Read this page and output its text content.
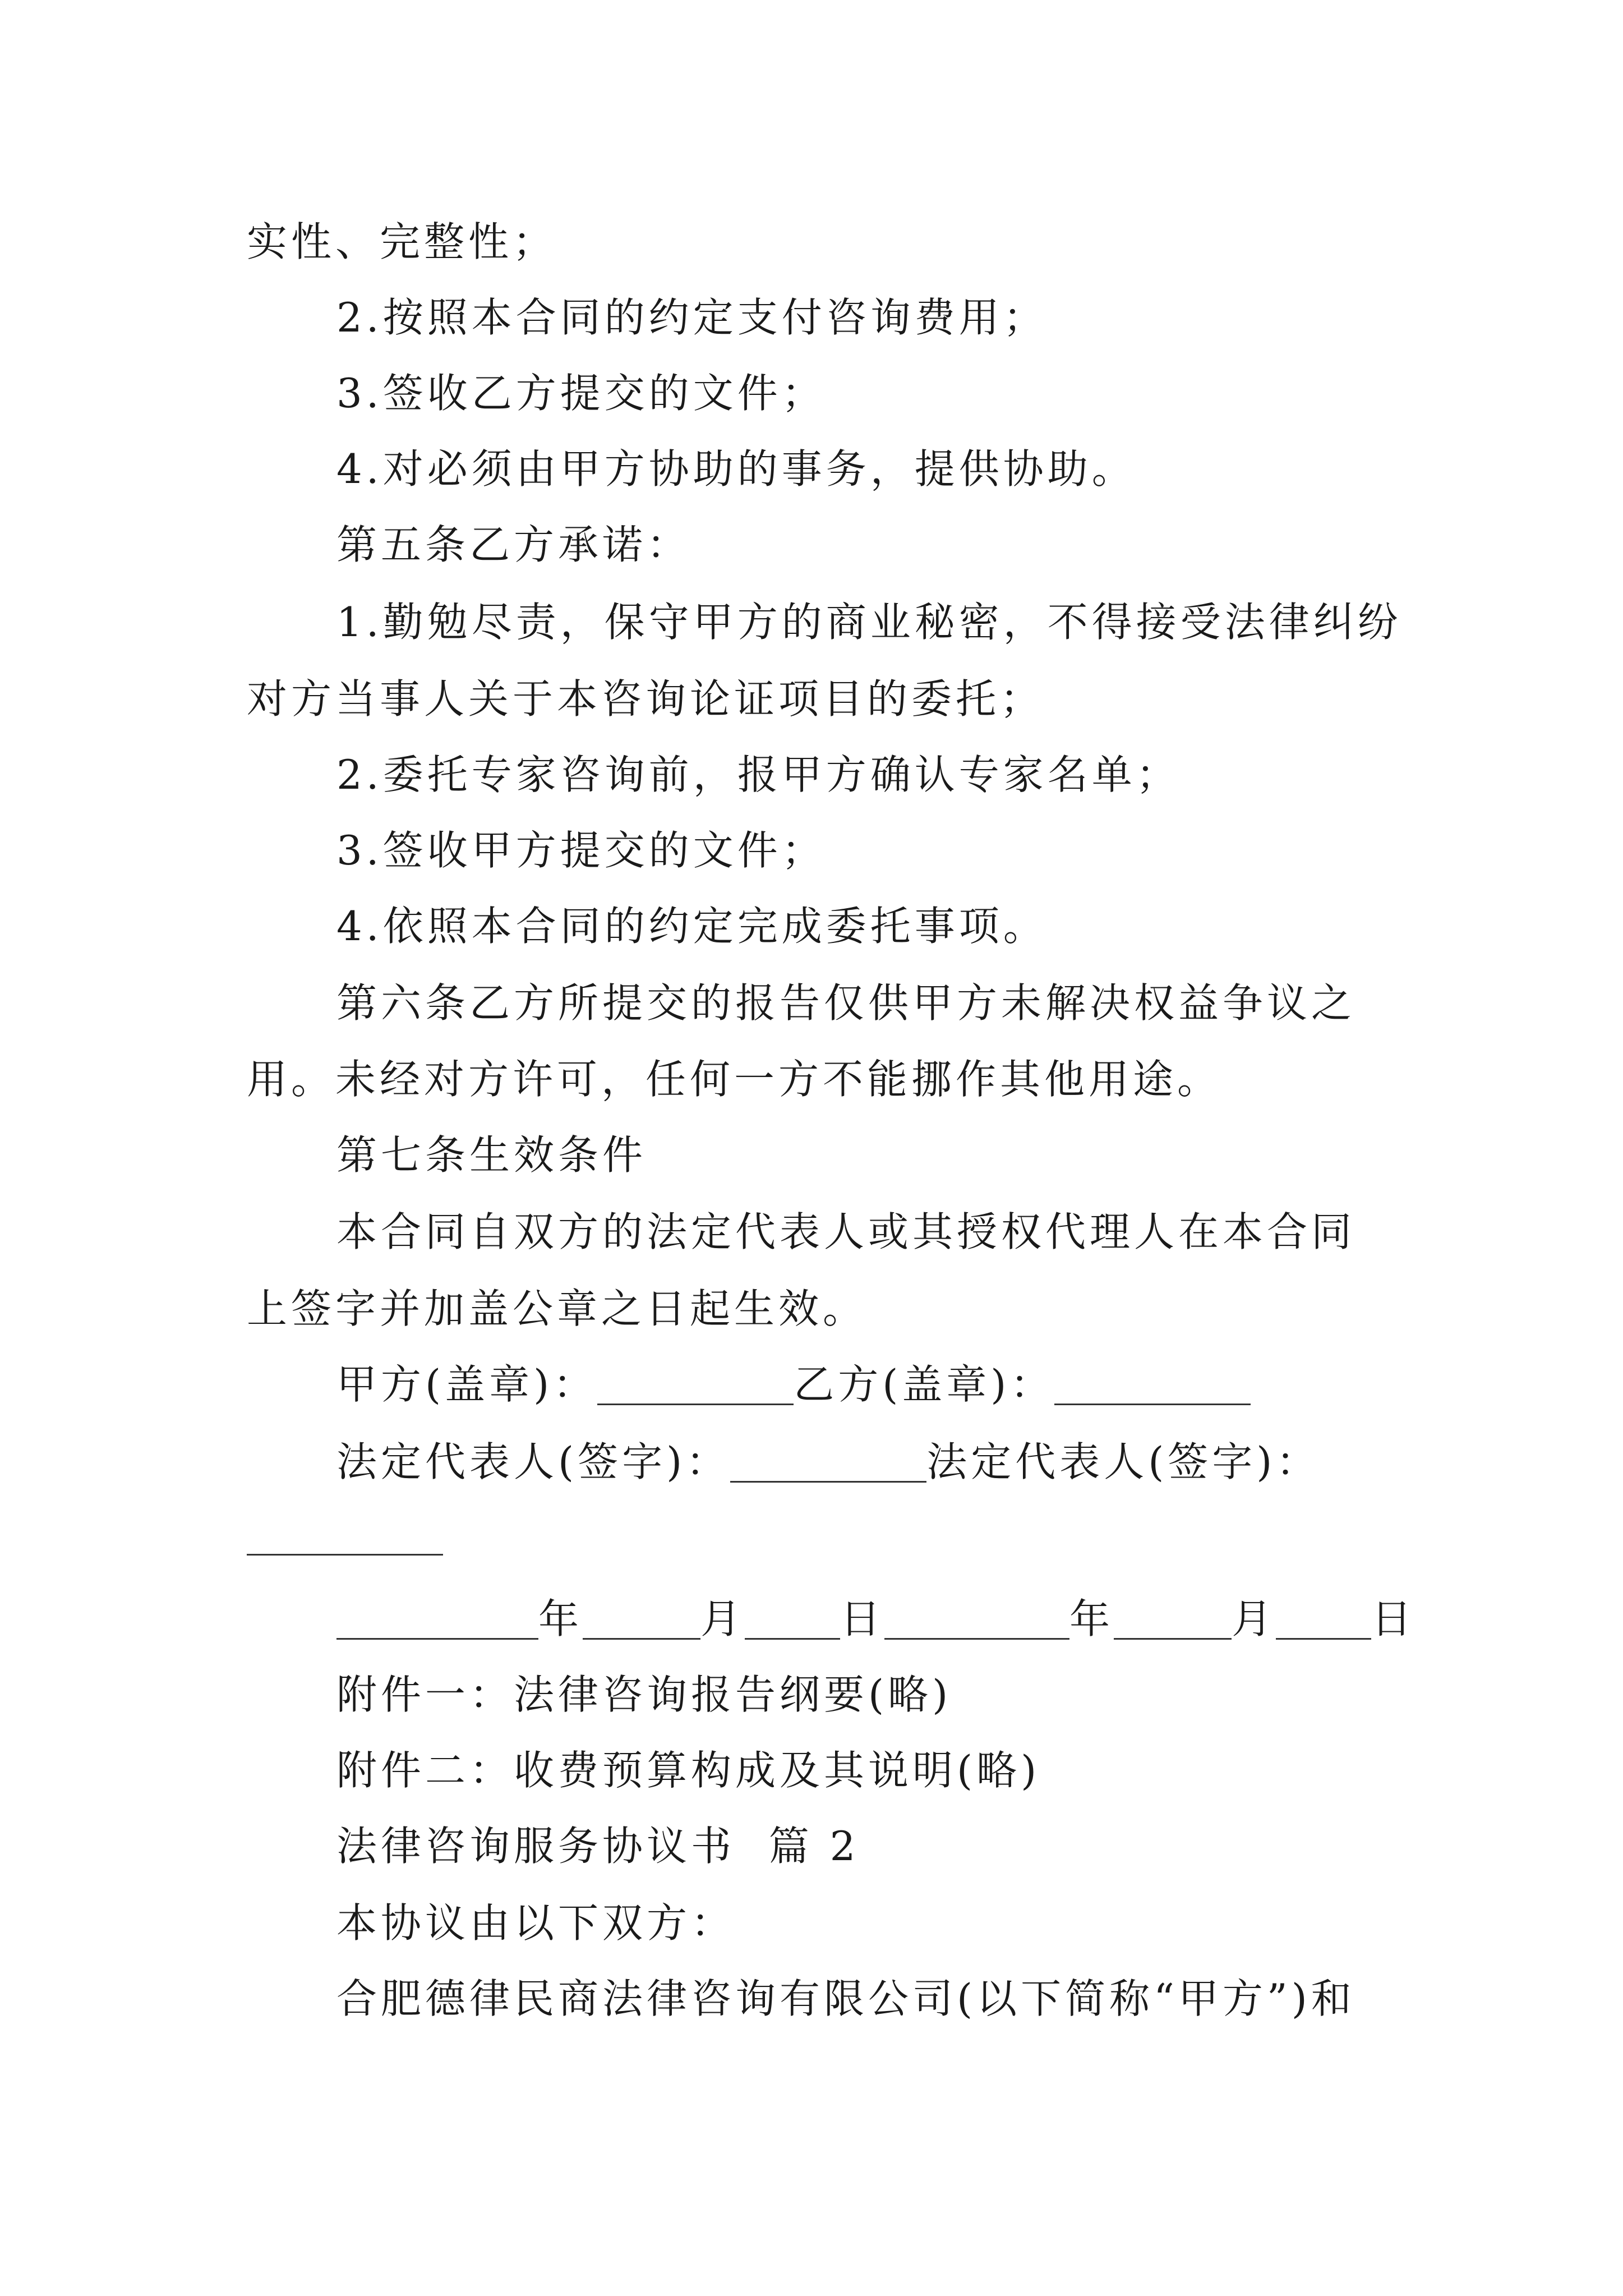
实性、完整性；
2.按照本合同的约定支付咨询费用；
3.签收乙方提交的文件；
4.对必须由甲方协助的事务，提供协助。
第五条乙方承诺：
1.勤勉尽责，保守甲方的商业秘密，不得接受法律纠纷
对方当事人关于本咨询论证项目的委托；
2.委托专家咨询前，报甲方确认专家名单；
3.签收甲方提交的文件；
4.依照本合同的约定完成委托事项。
第六条乙方所提交的报告仅供甲方未解决权益争议之
用。未经对方许可，任何一方不能挪作其他用途。
第七条生效条件
本合同自双方的法定代表人或其授权代理人在本合同
上签字并加盖公章之日起生效。
甲方(盖章)：	乙方(盖章)：
法定代表人(签字)：	法定代表人(签字)：
年	月 日	年	月 日
附件一：法律咨询报告纲要(略)
附件二：收费预算构成及其说明(略)
法律咨询服务协议书  篇 2
本协议由以下双方：
合肥德律民商法律咨询有限公司(以下简称“甲方”)和
